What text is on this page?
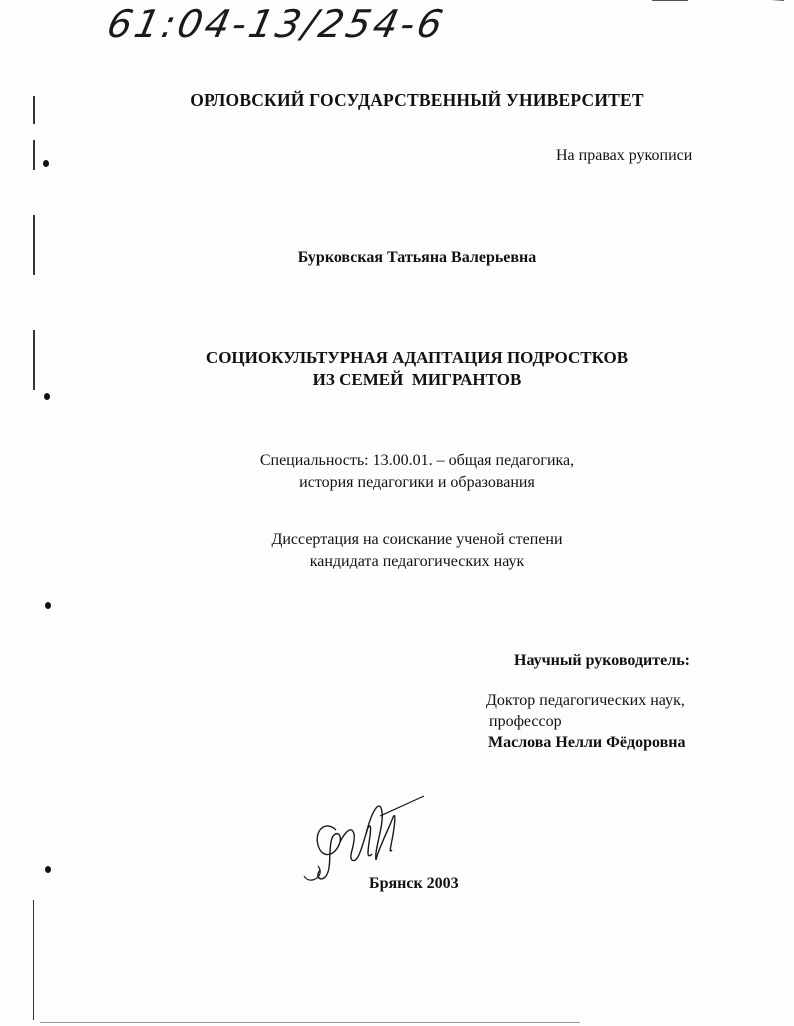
61:04-13/254-6
ОРЛОВСКИЙ ГОСУДАРСТВЕННЫЙ УНИВЕРСИТЕТ
На правах рукописи
Бурковская Татьяна Валерьевна
СОЦИОКУЛЬТУРНАЯ АДАПТАЦИЯ ПОДРОСТКОВ
ИЗ СЕМЕЙ  МИГРАНТОВ
Специальность: 13.00.01. – общая педагогика,
история педагогики и образования
Диссертация на соискание ученой степени
кандидата педагогических наук
Научный руководитель:
Доктор педагогических наук,
профессор
Маслова Нелли Фёдоровна
Брянск 2003
